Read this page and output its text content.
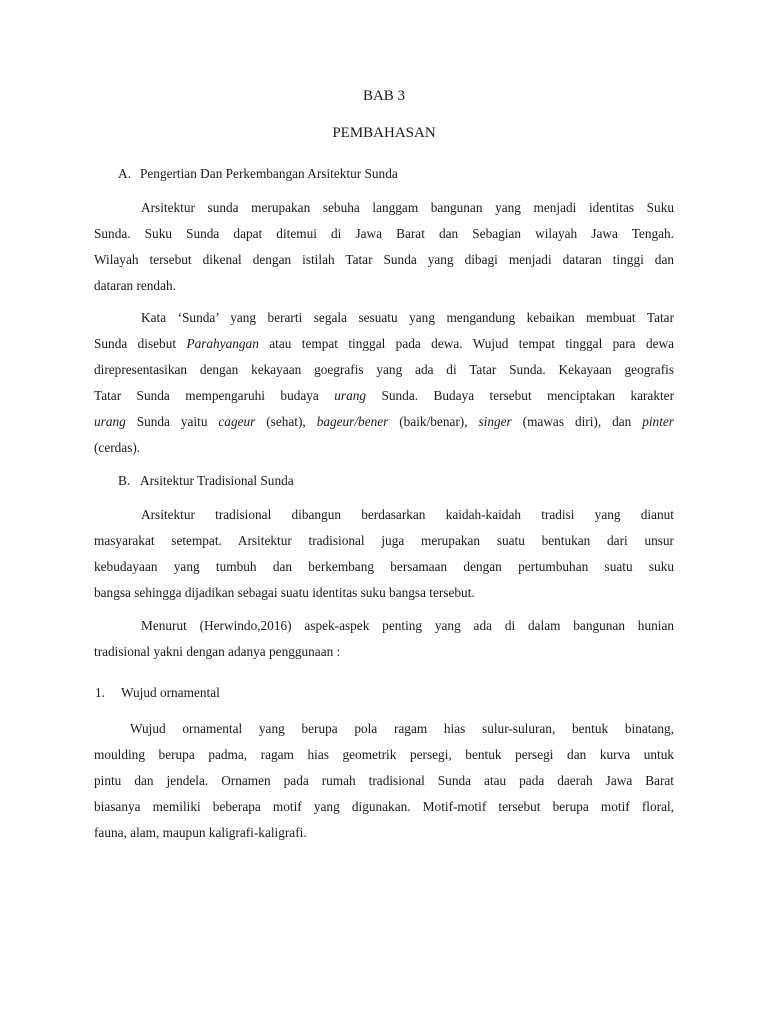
BAB 3
PEMBAHASAN
A. Pengertian Dan Perkembangan Arsitektur Sunda
Arsitektur sunda merupakan sebuha langgam bangunan yang menjadi identitas Suku
Sunda. Suku Sunda dapat ditemui di Jawa Barat dan Sebagian wilayah Jawa Tengah.
Wilayah tersebut dikenal dengan istilah Tatar Sunda yang dibagi menjadi dataran tinggi dan
dataran rendah.
Kata ‘Sunda’ yang berarti segala sesuatu yang mengandung kebaikan membuat Tatar
Sunda disebut Parahyangan atau tempat tinggal pada dewa. Wujud tempat tinggal para dewa
direpresentasikan dengan kekayaan goegrafis yang ada di Tatar Sunda. Kekayaan geografis
Tatar Sunda mempengaruhi budaya urang Sunda. Budaya tersebut menciptakan karakter
urang Sunda yaitu cageur (sehat), bageur/bener (baik/benar), singer (mawas diri), dan pinter
(cerdas).
B. Arsitektur Tradisional Sunda
Arsitektur tradisional dibangun berdasarkan kaidah-kaidah tradisi yang dianut
masyarakat setempat. Arsitektur tradisional juga merupakan suatu bentukan dari unsur
kebudayaan yang tumbuh dan berkembang bersamaan dengan pertumbuhan suatu suku
bangsa sehingga dijadikan sebagai suatu identitas suku bangsa tersebut.
Menurut (Herwindo,2016) aspek-aspek penting yang ada di dalam bangunan hunian
tradisional yakni dengan adanya penggunaan :
1. Wujud ornamental
Wujud ornamental yang berupa pola ragam hias sulur-suluran, bentuk binatang,
moulding berupa padma, ragam hias geometrik persegi, bentuk persegi dan kurva untuk
pintu dan jendela. Ornamen pada rumah tradisional Sunda atau pada daerah Jawa Barat
biasanya memiliki beberapa motif yang digunakan. Motif-motif tersebut berupa motif floral,
fauna, alam, maupun kaligrafi-kaligrafi.
